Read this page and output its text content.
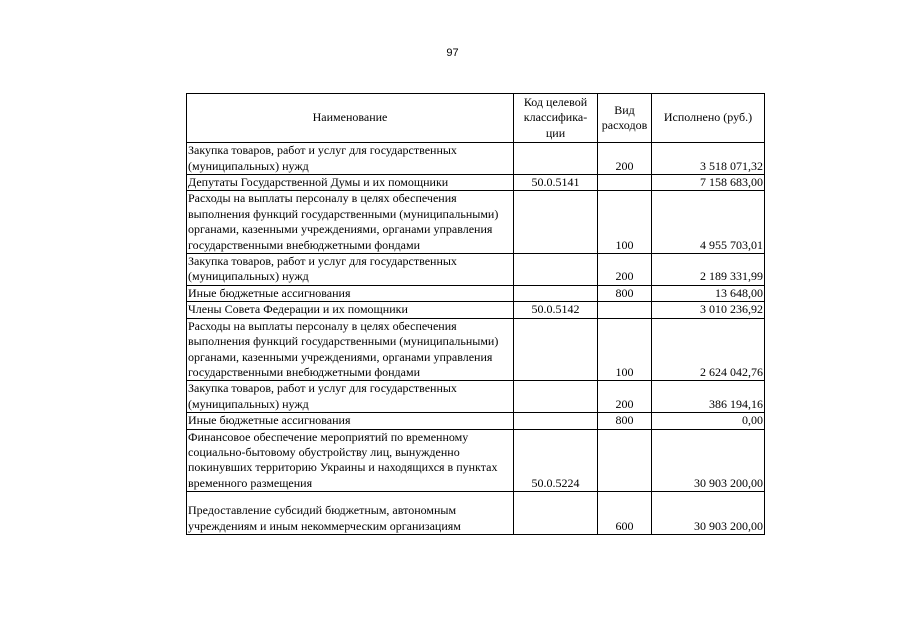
97
Наименование	Код целевой классифика-ции	Вид расходов	Исполнено (руб.)
Закупка товаров, работ и услуг для государственных (муниципальных) нужд		200	3 518 071,32
Депутаты Государственной Думы и их помощники	50.0.5141		7 158 683,00
Расходы на выплаты персоналу в целях обеспечения выполнения функций государственными (муниципальными) органами, казенными учреждениями, органами управления государственными внебюджетными фондами		100	4 955 703,01
Закупка товаров, работ и услуг для государственных (муниципальных) нужд		200	2 189 331,99
Иные бюджетные ассигнования		800	13 648,00
Члены Совета Федерации и их помощники	50.0.5142		3 010 236,92
Расходы на выплаты персоналу в целях обеспечения выполнения функций государственными (муниципальными) органами, казенными учреждениями, органами управления государственными внебюджетными фондами		100	2 624 042,76
Закупка товаров, работ и услуг для государственных (муниципальных) нужд		200	386 194,16
Иные бюджетные ассигнования		800	0,00
Финансовое обеспечение мероприятий по временному социально-бытовому обустройству лиц, вынужденно покинувших территорию Украины и находящихся в пунктах временного размещения	50.0.5224		30 903 200,00
Предоставление субсидий бюджетным, автономным учреждениям и иным некоммерческим организациям		600	30 903 200,00
